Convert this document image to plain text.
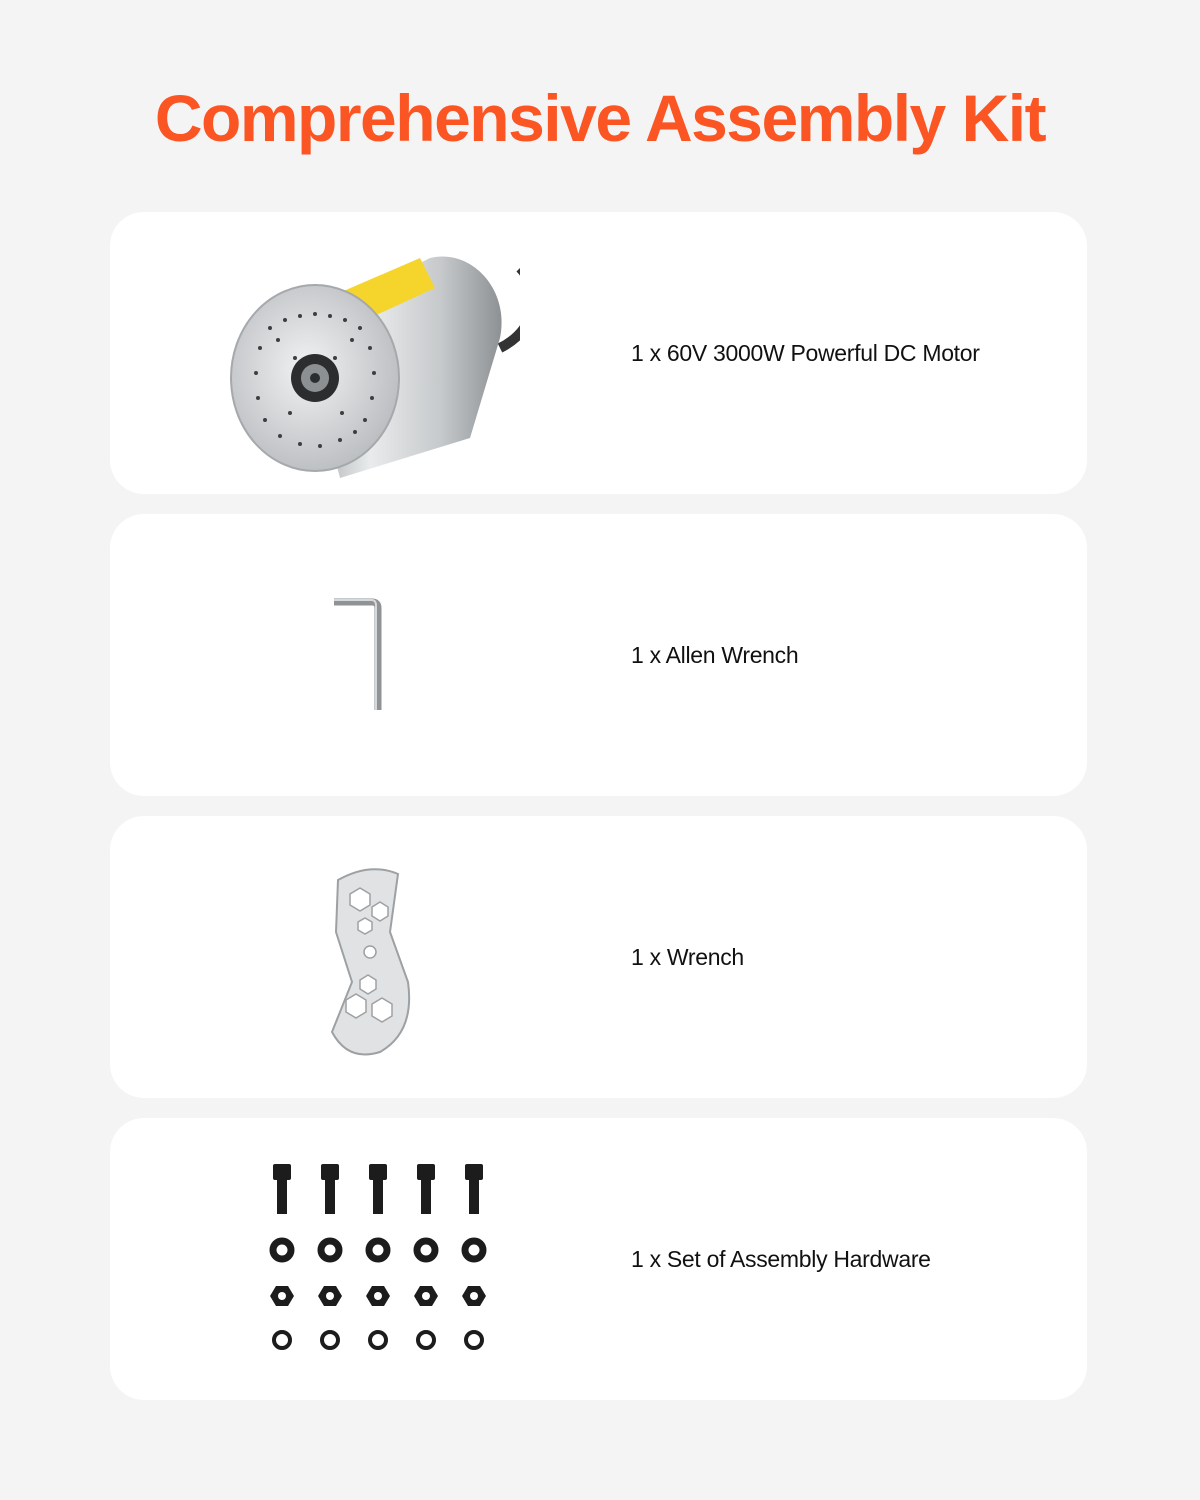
Comprehensive Assembly Kit
1 x 60V 3000W Powerful DC Motor
1 x Allen Wrench
1 x Wrench
1 x Set of Assembly Hardware
